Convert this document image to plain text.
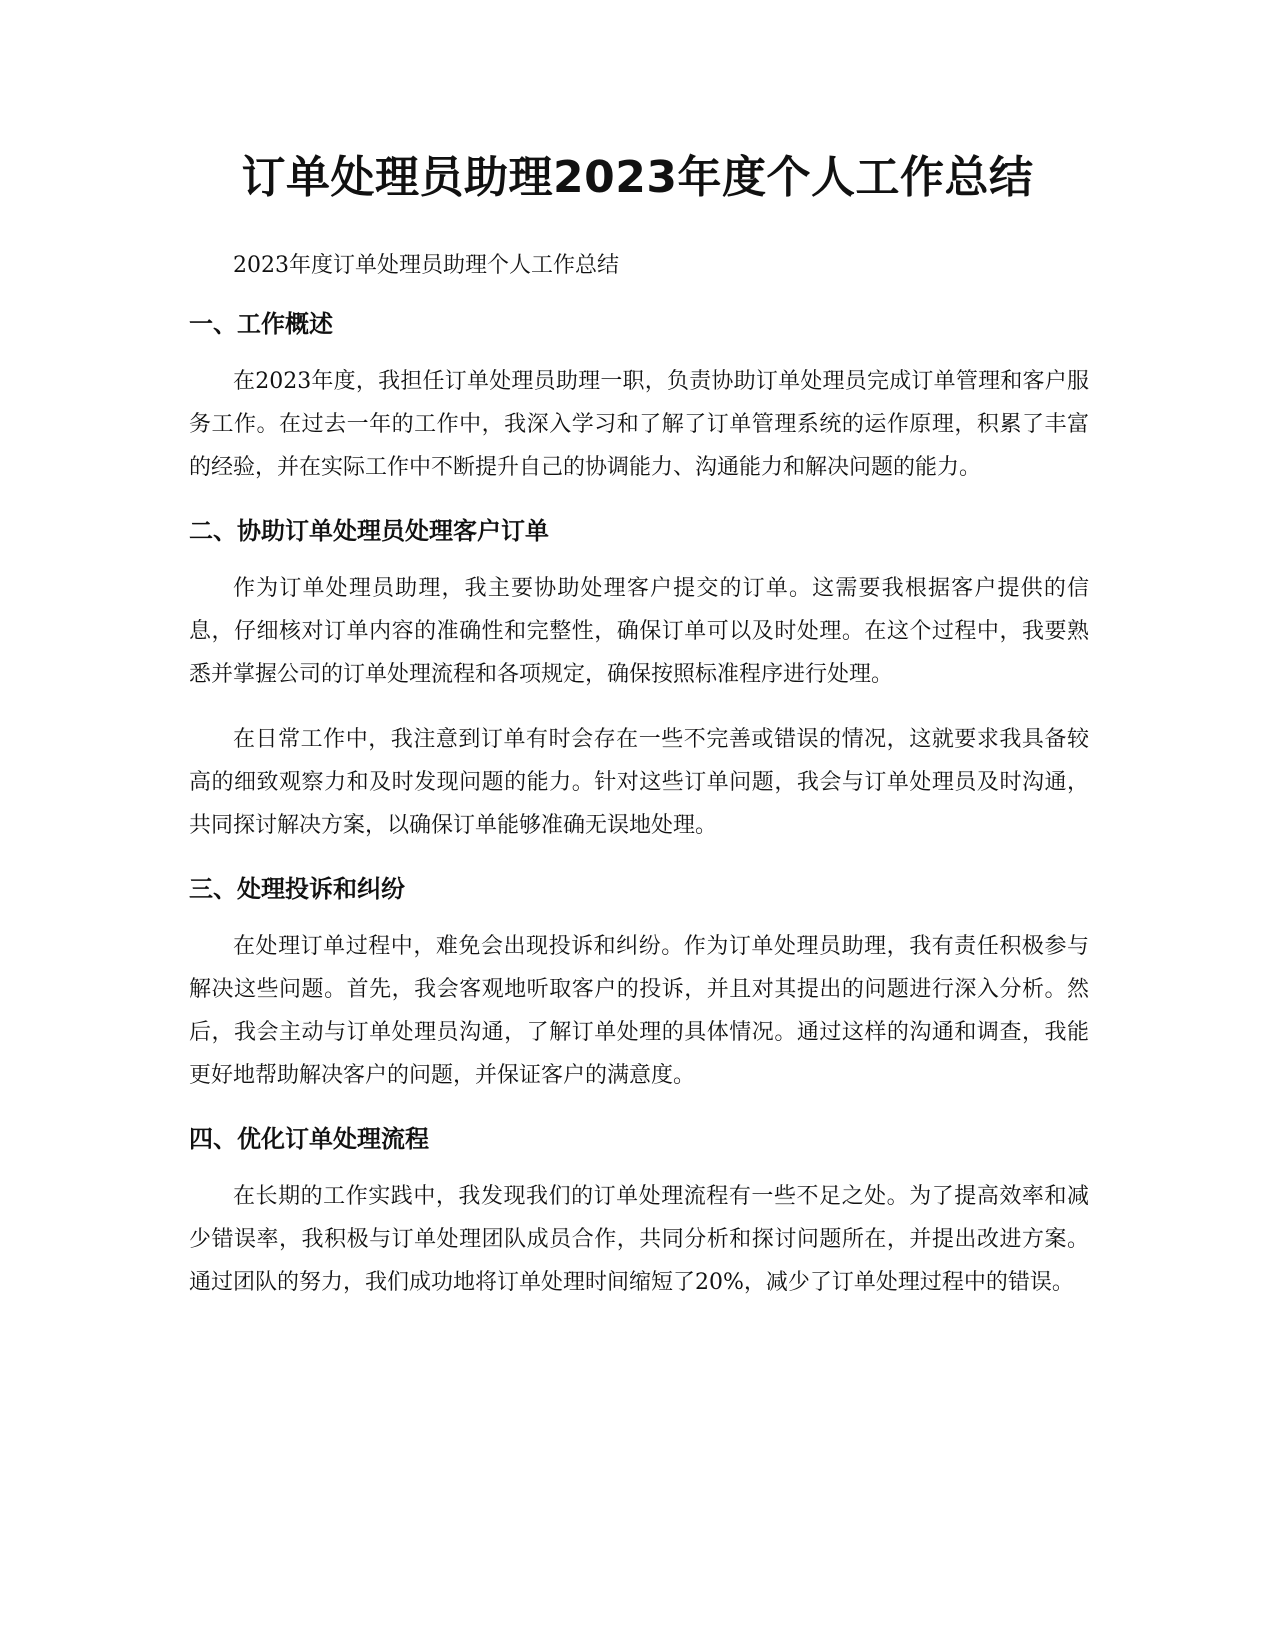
订单处理员助理2023年度个人工作总结

2023年度订单处理员助理个人工作总结

一、工作概述

在2023年度，我担任订单处理员助理一职，负责协助订单处理员完成订单管理和客户服务工作。在过去一年的工作中，我深入学习和了解了订单管理系统的运作原理，积累了丰富的经验，并在实际工作中不断提升自己的协调能力、沟通能力和解决问题的能力。

二、协助订单处理员处理客户订单

作为订单处理员助理，我主要协助处理客户提交的订单。这需要我根据客户提供的信息，仔细核对订单内容的准确性和完整性，确保订单可以及时处理。在这个过程中，我要熟悉并掌握公司的订单处理流程和各项规定，确保按照标准程序进行处理。

在日常工作中，我注意到订单有时会存在一些不完善或错误的情况，这就要求我具备较高的细致观察力和及时发现问题的能力。针对这些订单问题，我会与订单处理员及时沟通，共同探讨解决方案，以确保订单能够准确无误地处理。

三、处理投诉和纠纷

在处理订单过程中，难免会出现投诉和纠纷。作为订单处理员助理，我有责任积极参与解决这些问题。首先，我会客观地听取客户的投诉，并且对其提出的问题进行深入分析。然后，我会主动与订单处理员沟通，了解订单处理的具体情况。通过这样的沟通和调查，我能更好地帮助解决客户的问题，并保证客户的满意度。

四、优化订单处理流程

在长期的工作实践中，我发现我们的订单处理流程有一些不足之处。为了提高效率和减少错误率，我积极与订单处理团队成员合作，共同分析和探讨问题所在，并提出改进方案。通过团队的努力，我们成功地将订单处理时间缩短了20%，减少了订单处理过程中的错误。
